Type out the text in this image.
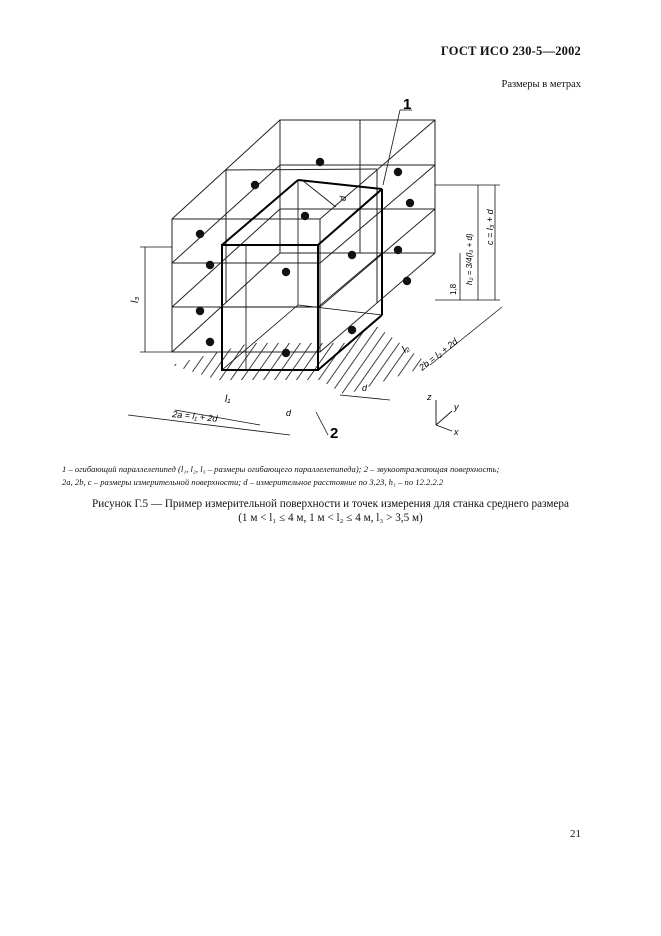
ГОСТ ИСО 230-5—2002
Размеры в метрах
1
2
2a = l₁ + 2d
2b = l₂ + 2d
c = l₃ + d
h₂ = 3/4(l₃ + d)
1,8
l₃
l₁
l₂
d
d
d
z
y
x
1 – огибающий параллелепипед (l₁, l₂, l₃ – размеры огибающего параллелепипеда); 2 – звукоотражающая поверхность;
2a, 2b, c – размеры измерительной поверхности; d – измерительное расстояние по 3.23, h₁ – по 12.2.2.2
Рисунок Г.5 — Пример измерительной поверхности и точек измерения для станка среднего размера
(1 м < l₁ ≤ 4 м, 1 м < l₂ ≤ 4 м, l₃ > 3,5 м)
21
